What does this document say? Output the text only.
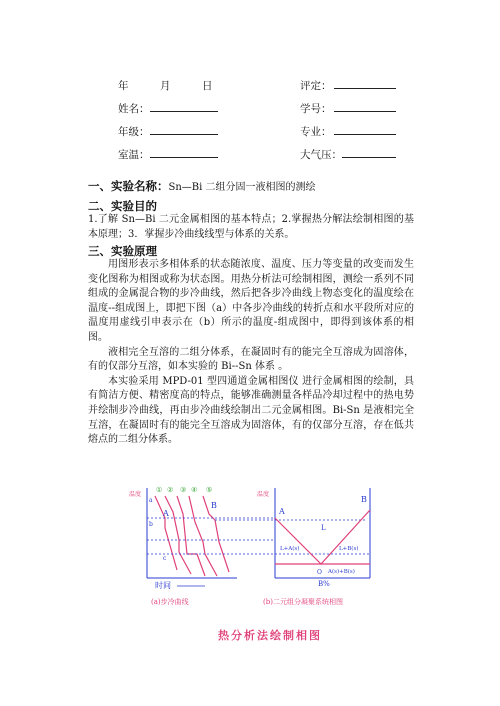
年	月	日	评定：
姓名：	学号：
年级：	专业：
室温：	大气压：
一、实验名称：Sn—Bi 二组分固一液相图的测绘
二、实验目的

1.了解 Sn—Bi 二元金属相图的基本特点；2.掌握热分解法绘制相图的基本原理；3．掌握步冷曲线线型与体系的关系。

三、实验原理

用图形表示多相体系的状态随浓度、温度、压力等变量的改变而发生变化图称为相图或称为状态图。用热分析法可绘制相图，测绘一系列不同组成的金属混合物的步冷曲线，然后把各步冷曲线上物态变化的温度绘在温度--组成图上，即把下图（a）中各步冷曲线的转折点和水平段所对应的温度用虚线引申表示在（b）所示的温度-组成图中，即得到该体系的相图。

液相完全互溶的二组分体系，在凝固时有的能完全互溶成为固溶体，有的仅部分互溶，如本实验的 Bi--Sn 体系 。

本实验采用 MPD-01 型四通道金属相图仪 进行金属相图的绘制，具有简洁方便、精密度高的特点，能够准确测量各样品冷却过程中的热电势并绘制步冷曲线，再由步冷曲线绘制出二元金属相图。Bi-Sn 是液相完全互溶，在凝固时有的能完全互溶成为固溶体，有的仅部分互溶，存在低共熔点的二组分体系。

温度
时间
① ② ③ ④ ⑤
B
A
a
b
c
(a)步冷曲线
温度
B%
A
B
O
L
L+A(s)	L+B(s)
A(s)+B(s)
(b)二元组分凝聚系统相图
热分析法绘制相图
